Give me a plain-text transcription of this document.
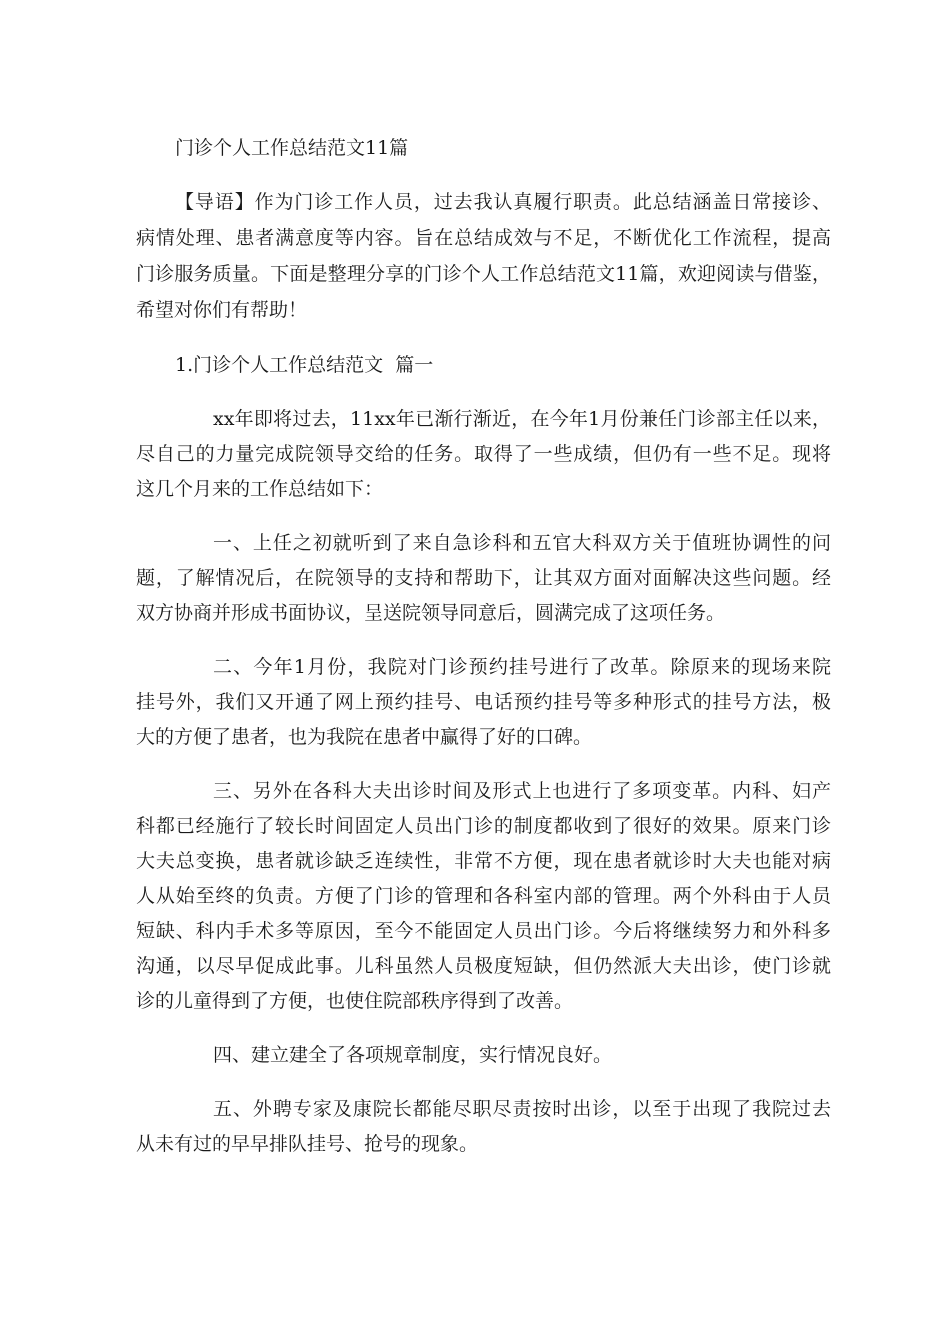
门诊个人工作总结范文11篇

【导语】作为门诊工作人员，过去我认真履行职责。此总结涵盖日常接诊、

病情处理、患者满意度等内容。旨在总结成效与不足，不断优化工作流程，提高

门诊服务质量。下面是整理分享的门诊个人工作总结范文11篇，欢迎阅读与借鉴，

希望对你们有帮助！

1.门诊个人工作总结范文  篇一

xx年即将过去，11xx年已渐行渐近，在今年1月份兼任门诊部主任以来，

尽自己的力量完成院领导交给的任务。取得了一些成绩，但仍有一些不足。现将

这几个月来的工作总结如下：

一、上任之初就听到了来自急诊科和五官大科双方关于值班协调性的问

题，了解情况后，在院领导的支持和帮助下，让其双方面对面解决这些问题。经

双方协商并形成书面协议，呈送院领导同意后，圆满完成了这项任务。

二、今年1月份，我院对门诊预约挂号进行了改革。除原来的现场来院

挂号外，我们又开通了网上预约挂号、电话预约挂号等多种形式的挂号方法，极

大的方便了患者，也为我院在患者中赢得了好的口碑。

三、另外在各科大夫出诊时间及形式上也进行了多项变革。内科、妇产

科都已经施行了较长时间固定人员出门诊的制度都收到了很好的效果。原来门诊

大夫总变换，患者就诊缺乏连续性，非常不方便，现在患者就诊时大夫也能对病

人从始至终的负责。方便了门诊的管理和各科室内部的管理。两个外科由于人员

短缺、科内手术多等原因，至今不能固定人员出门诊。今后将继续努力和外科多

沟通，以尽早促成此事。儿科虽然人员极度短缺，但仍然派大夫出诊，使门诊就

诊的儿童得到了方便，也使住院部秩序得到了改善。

四、建立建全了各项规章制度，实行情况良好。

五、外聘专家及康院长都能尽职尽责按时出诊，以至于出现了我院过去

从未有过的早早排队挂号、抢号的现象。
